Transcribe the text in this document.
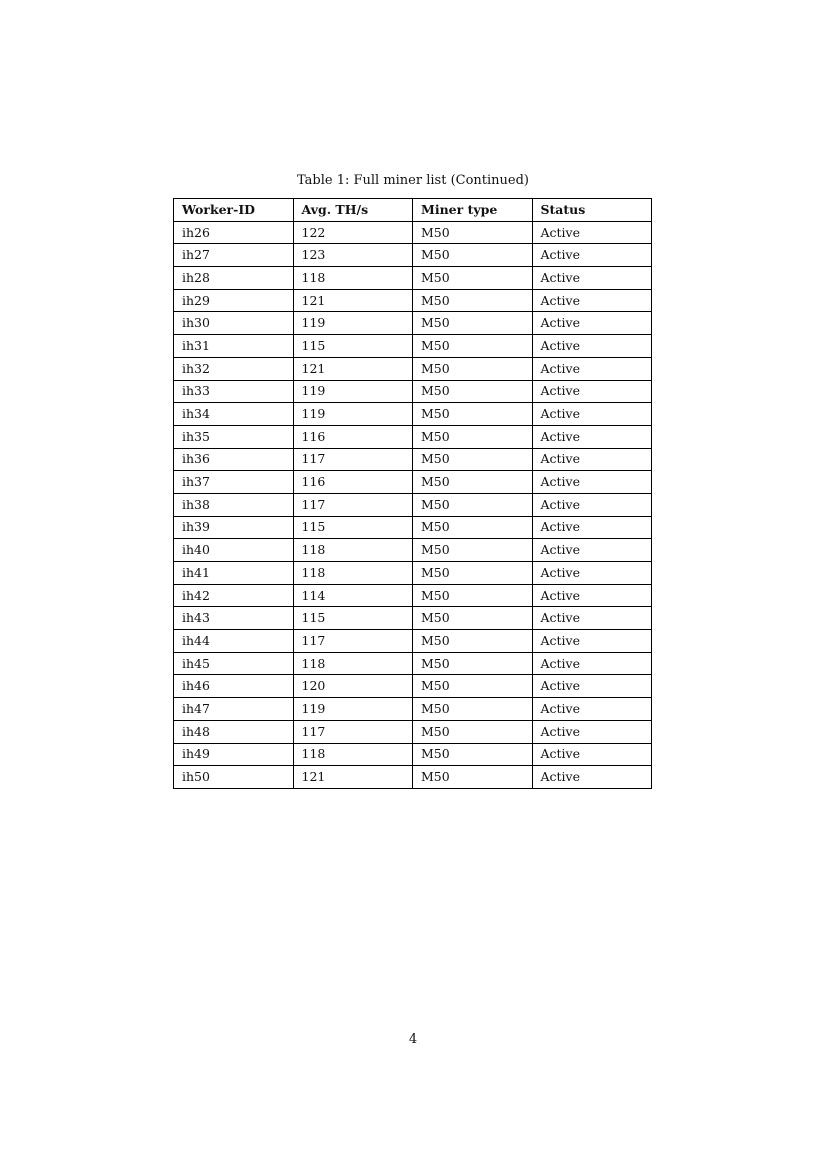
Table 1: Full miner list (Continued)
Worker-ID	Avg. TH/s	Miner type	Status
ih26	122	M50	Active
ih27	123	M50	Active
ih28	118	M50	Active
ih29	121	M50	Active
ih30	119	M50	Active
ih31	115	M50	Active
ih32	121	M50	Active
ih33	119	M50	Active
ih34	119	M50	Active
ih35	116	M50	Active
ih36	117	M50	Active
ih37	116	M50	Active
ih38	117	M50	Active
ih39	115	M50	Active
ih40	118	M50	Active
ih41	118	M50	Active
ih42	114	M50	Active
ih43	115	M50	Active
ih44	117	M50	Active
ih45	118	M50	Active
ih46	120	M50	Active
ih47	119	M50	Active
ih48	117	M50	Active
ih49	118	M50	Active
ih50	121	M50	Active
4
